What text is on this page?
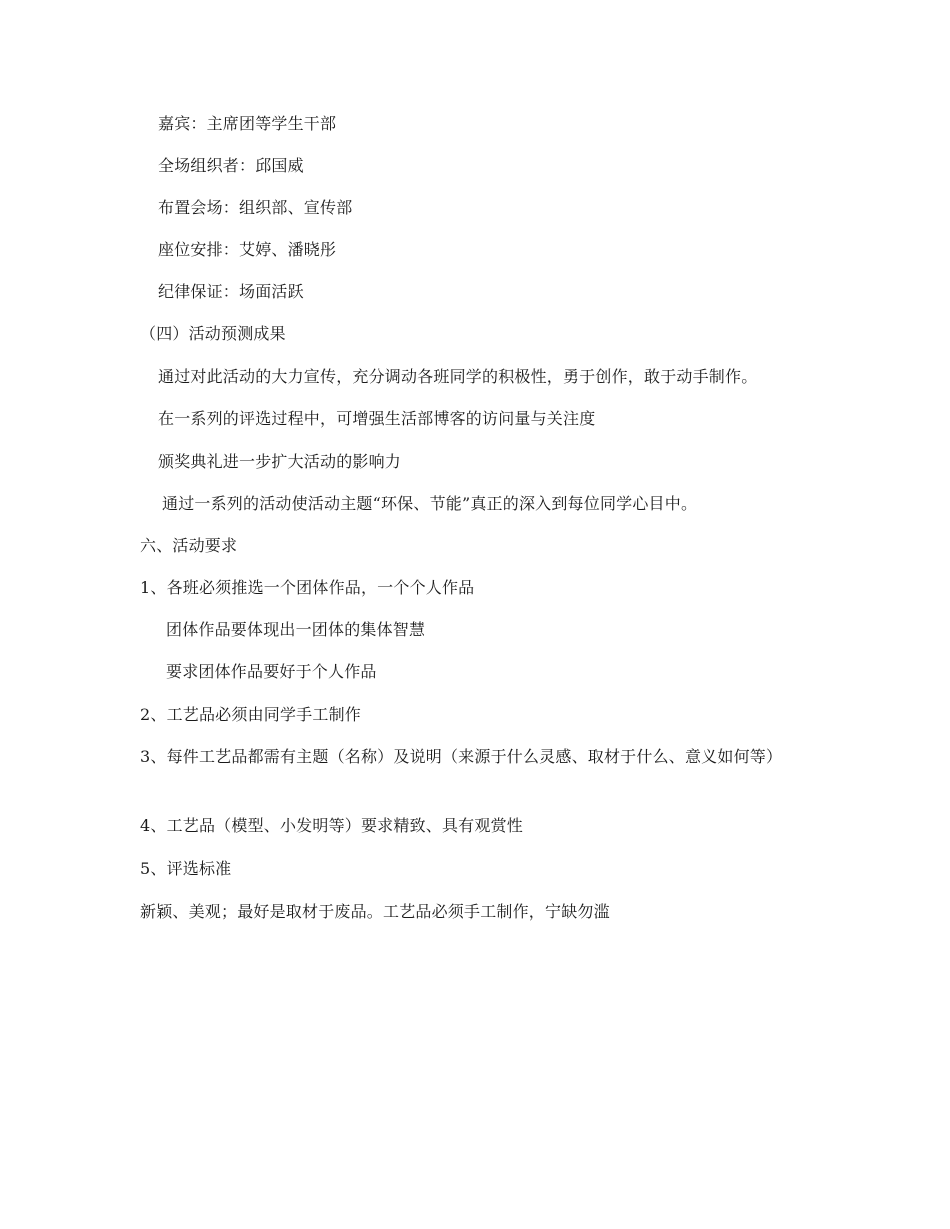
嘉宾：主席团等学生干部
全场组织者：邱国威
布置会场：组织部、宣传部
座位安排：艾婷、潘晓彤
纪律保证：场面活跃
（四）活动预测成果
通过对此活动的大力宣传，充分调动各班同学的积极性，勇于创作，敢于动手制作。
在一系列的评选过程中，可增强生活部博客的访问量与关注度
颁奖典礼进一步扩大活动的影响力
通过一系列的活动使活动主题“环保、节能”真正的深入到每位同学心目中。
六、活动要求
1、各班必须推选一个团体作品，一个个人作品
团体作品要体现出一团体的集体智慧
要求团体作品要好于个人作品
2、工艺品必须由同学手工制作
3、每件工艺品都需有主题（名称）及说明（来源于什么灵感、取材于什么、意义如何等）
4、工艺品（模型、小发明等）要求精致、具有观赏性
5、评选标准
新颖、美观；最好是取材于废品。工艺品必须手工制作，宁缺勿滥
